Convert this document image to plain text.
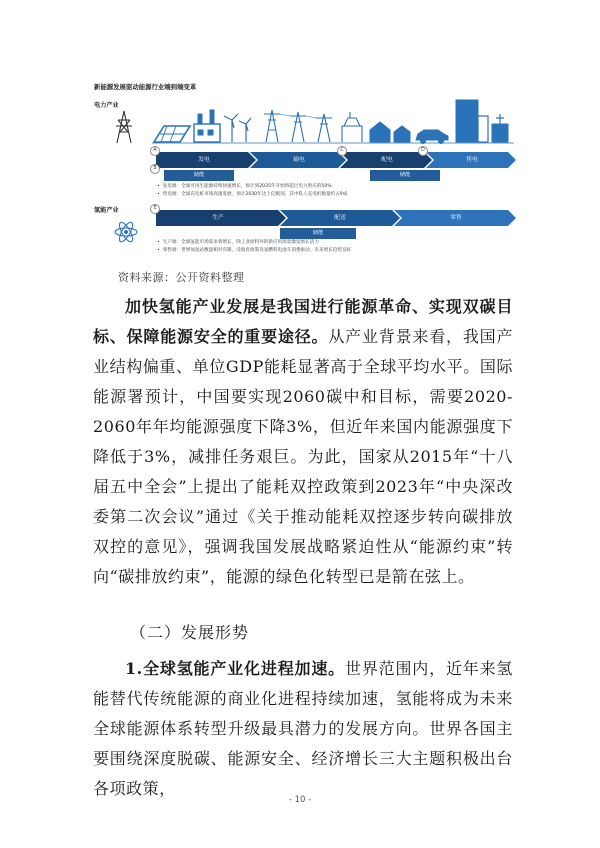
新能源发展驱动能源行业端到端变革
电力产业
发电	输电	配电	售电
A
B
C	D
储能	储能
• 发电端：全球可再生能源持续快速增长，预计到2035年开始将超过电力供应的50%
• 售电端：全球充电桩市场高速发展，预计2030年达上亿级别，其中私人充电桩数量约占9成
氢能产业
生产	配送	零售
E
储能
• 生产端：全球氢能市场需求将增长，除工业原料外的新应用场景激发增长活力
• 零售端：世界加氢站数量相对有限，受政府政策及氢燃料电池车消费驱动，未来增长趋势良好
资料来源：公开资料整理
加快氢能产业发展是我国进行能源革命、实现双碳目标、保障能源安全的重要途径。从产业背景来看，我国产业结构偏重、单位GDP能耗显著高于全球平均水平。国际能源署预计，中国要实现2060碳中和目标，需要2020-2060年年均能源强度下降3%，但近年来国内能源强度下降低于3%，减排任务艰巨。为此，国家从2015年“十八届五中全会”上提出了能耗双控政策到2023年“中央深改委第二次会议”通过《关于推动能耗双控逐步转向碳排放双控的意见》，强调我国发展战略紧迫性从“能源约束”转向“碳排放约束”，能源的绿色化转型已是箭在弦上。
（二）发展形势
1.全球氢能产业化进程加速。世界范围内，近年来氢能替代传统能源的商业化进程持续加速，氢能将成为未来全球能源体系转型升级最具潜力的发展方向。世界各国主要围绕深度脱碳、能源安全、经济增长三大主题积极出台各项政策，
- 10 -
